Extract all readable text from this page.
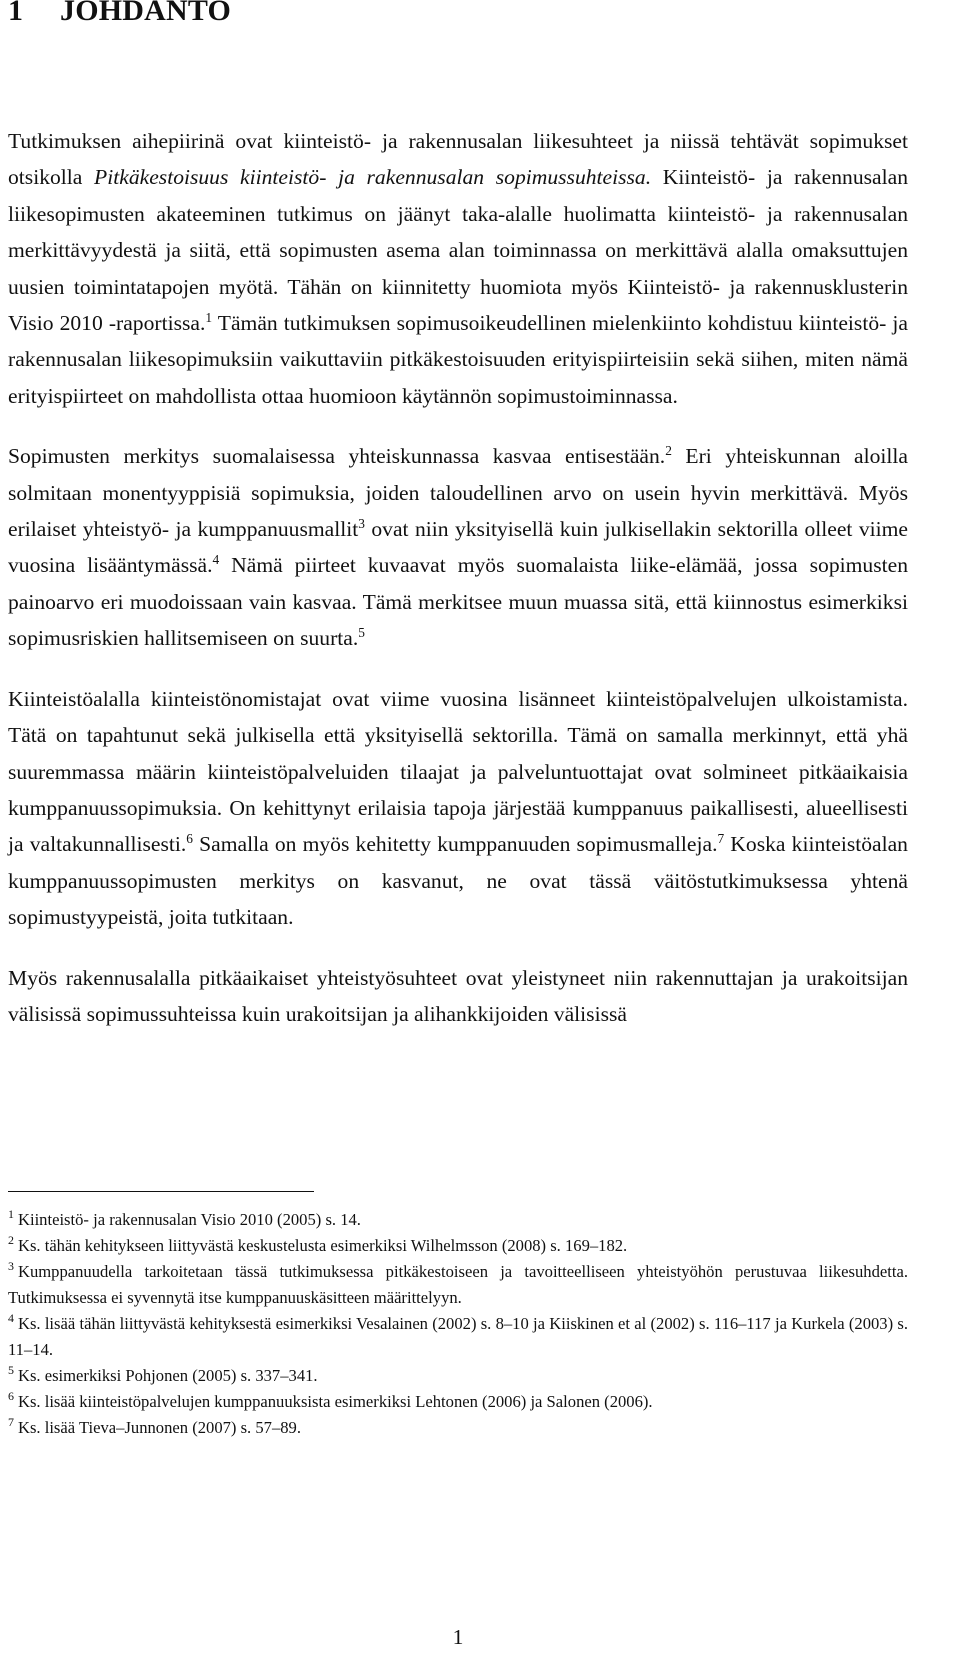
1 JOHDANTO

Tutkimuksen aihepiirinä ovat kiinteistö- ja rakennusalan liikesuhteet ja niissä tehtävät sopimukset otsikolla Pitkäkestoisuus kiinteistö- ja rakennusalan sopimussuhteissa. Kiinteistö- ja rakennusalan liikesopimusten akateeminen tutkimus on jäänyt taka-alalle huolimatta kiinteistö- ja rakennusalan merkittävyydestä ja siitä, että sopimusten asema alan toiminnassa on merkittävä alalla omaksuttujen uusien toimintatapojen myötä. Tähän on kiinnitetty huomiota myös Kiinteistö- ja rakennusklusterin Visio 2010 -raportissa.$^1$ Tämän tutkimuksen sopimusoikeudellinen mielenkiinto kohdistuu kiinteistö- ja rakennusalan liikesopimuksiin vaikuttaviin pitkäkestoisuuden erityispiirteisiin sekä siihen, miten nämä erityispiirteet on mahdollista ottaa huomioon käytännön sopimustoiminnassa.

Sopimusten merkitys suomalaisessa yhteiskunnassa kasvaa entisestään.$^2$ Eri yhteiskunnan aloilla solmitaan monentyyppisiä sopimuksia, joiden taloudellinen arvo on usein hyvin merkittävä. Myös erilaiset yhteistyö- ja kumppanuusmallit$^3$ ovat niin yksityisellä kuin julkisellakin sektorilla olleet viime vuosina lisääntymässä.$^4$ Nämä piirteet kuvaavat myös suomalaista liike-elämää, jossa sopimusten painoarvo eri muodoissaan vain kasvaa. Tämä merkitsee muun muassa sitä, että kiinnostus esimerkiksi sopimusriskien hallitsemiseen on suurta.$^5$

Kiinteistöalalla kiinteistönomistajat ovat viime vuosina lisänneet kiinteistöpalvelujen ulkoistamista. Tätä on tapahtunut sekä julkisella että yksityisellä sektorilla. Tämä on samalla merkinnyt, että yhä suuremmassa määrin kiinteistöpalveluiden tilaajat ja palveluntuottajat ovat solmineet pitkäaikaisia kumppanuussopimuksia. On kehittynyt erilaisia tapoja järjestää kumppanuus paikallisesti, alueellisesti ja valtakunnallisesti.$^6$ Samalla on myös kehitetty kumppanuuden sopimusmalleja.$^7$ Koska kiinteistöalan kumppanuussopimusten merkitys on kasvanut, ne ovat tässä väitöstutkimuksessa yhtenä sopimustyypeistä, joita tutkitaan.

Myös rakennusalalla pitkäaikaiset yhteistyösuhteet ovat yleistyneet niin rakennuttajan ja urakoitsijan välisissä sopimussuhteissa kuin urakoitsijan ja alihankkijoiden välisissä

$^1$ Kiinteistö- ja rakennusalan Visio 2010 (2005) s. 14.

$^2$ Ks. tähän kehitykseen liittyvästä keskustelusta esimerkiksi Wilhelmsson (2008) s. 169–182.

$^3$ Kumppanuudella tarkoitetaan tässä tutkimuksessa pitkäkestoiseen ja tavoitteelliseen yhteistyöhön perustuvaa liikesuhdetta. Tutkimuksessa ei syvennytä itse kumppanuuskäsitteen määrittelyyn.

$^4$ Ks. lisää tähän liittyvästä kehityksestä esimerkiksi Vesalainen (2002) s. 8–10 ja Kiiskinen et al (2002) s. 116–117 ja Kurkela (2003) s. 11–14.

$^5$ Ks. esimerkiksi Pohjonen (2005) s. 337–341.

$^6$ Ks. lisää kiinteistöpalvelujen kumppanuuksista esimerkiksi Lehtonen (2006) ja Salonen (2006).

$^7$ Ks. lisää Tieva–Junnonen (2007) s. 57–89.

1
